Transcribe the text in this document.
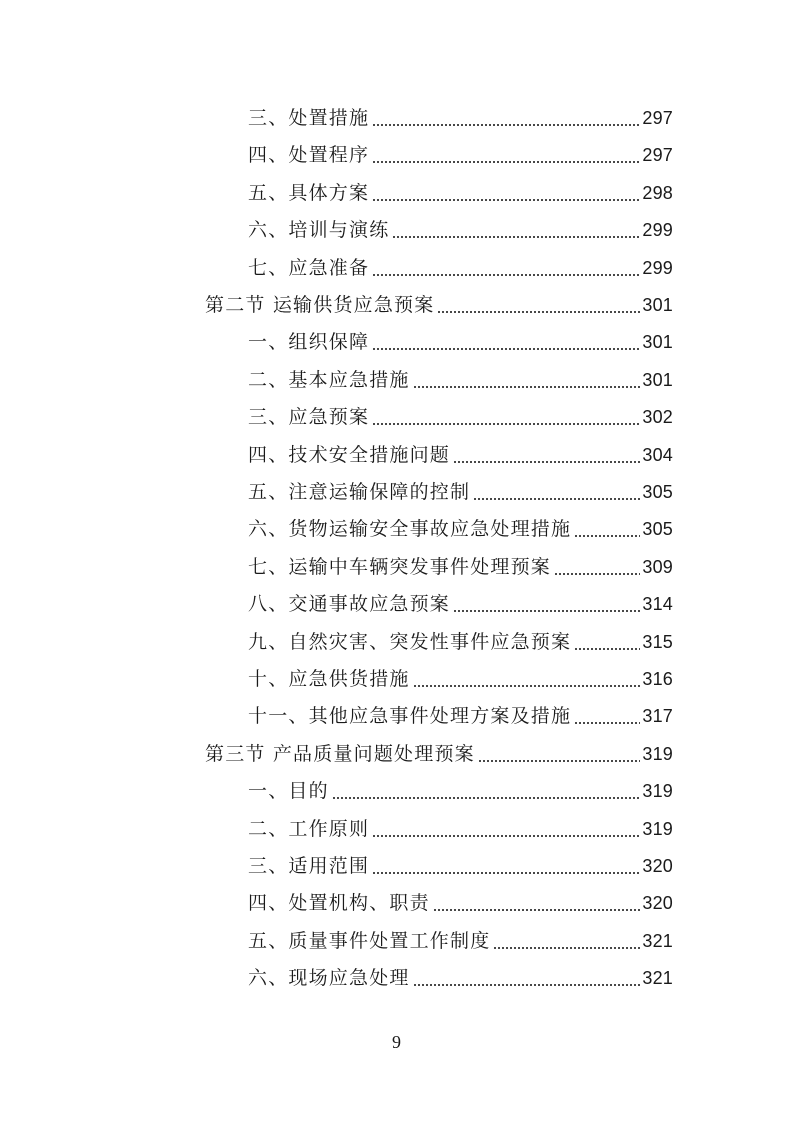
三、处置措施	297
四、处置程序	297
五、具体方案	298
六、培训与演练	299
七、应急准备	299
第二节 运输供货应急预案	301
一、组织保障	301
二、基本应急措施	301
三、应急预案	302
四、技术安全措施问题	304
五、注意运输保障的控制	305
六、货物运输安全事故应急处理措施	305
七、运输中车辆突发事件处理预案	309
八、交通事故应急预案	314
九、自然灾害、突发性事件应急预案	315
十、应急供货措施	316
十一、其他应急事件处理方案及措施	317
第三节 产品质量问题处理预案	319
一、目的	319
二、工作原则	319
三、适用范围	320
四、处置机构、职责	320
五、质量事件处置工作制度	321
六、现场应急处理	321
9
